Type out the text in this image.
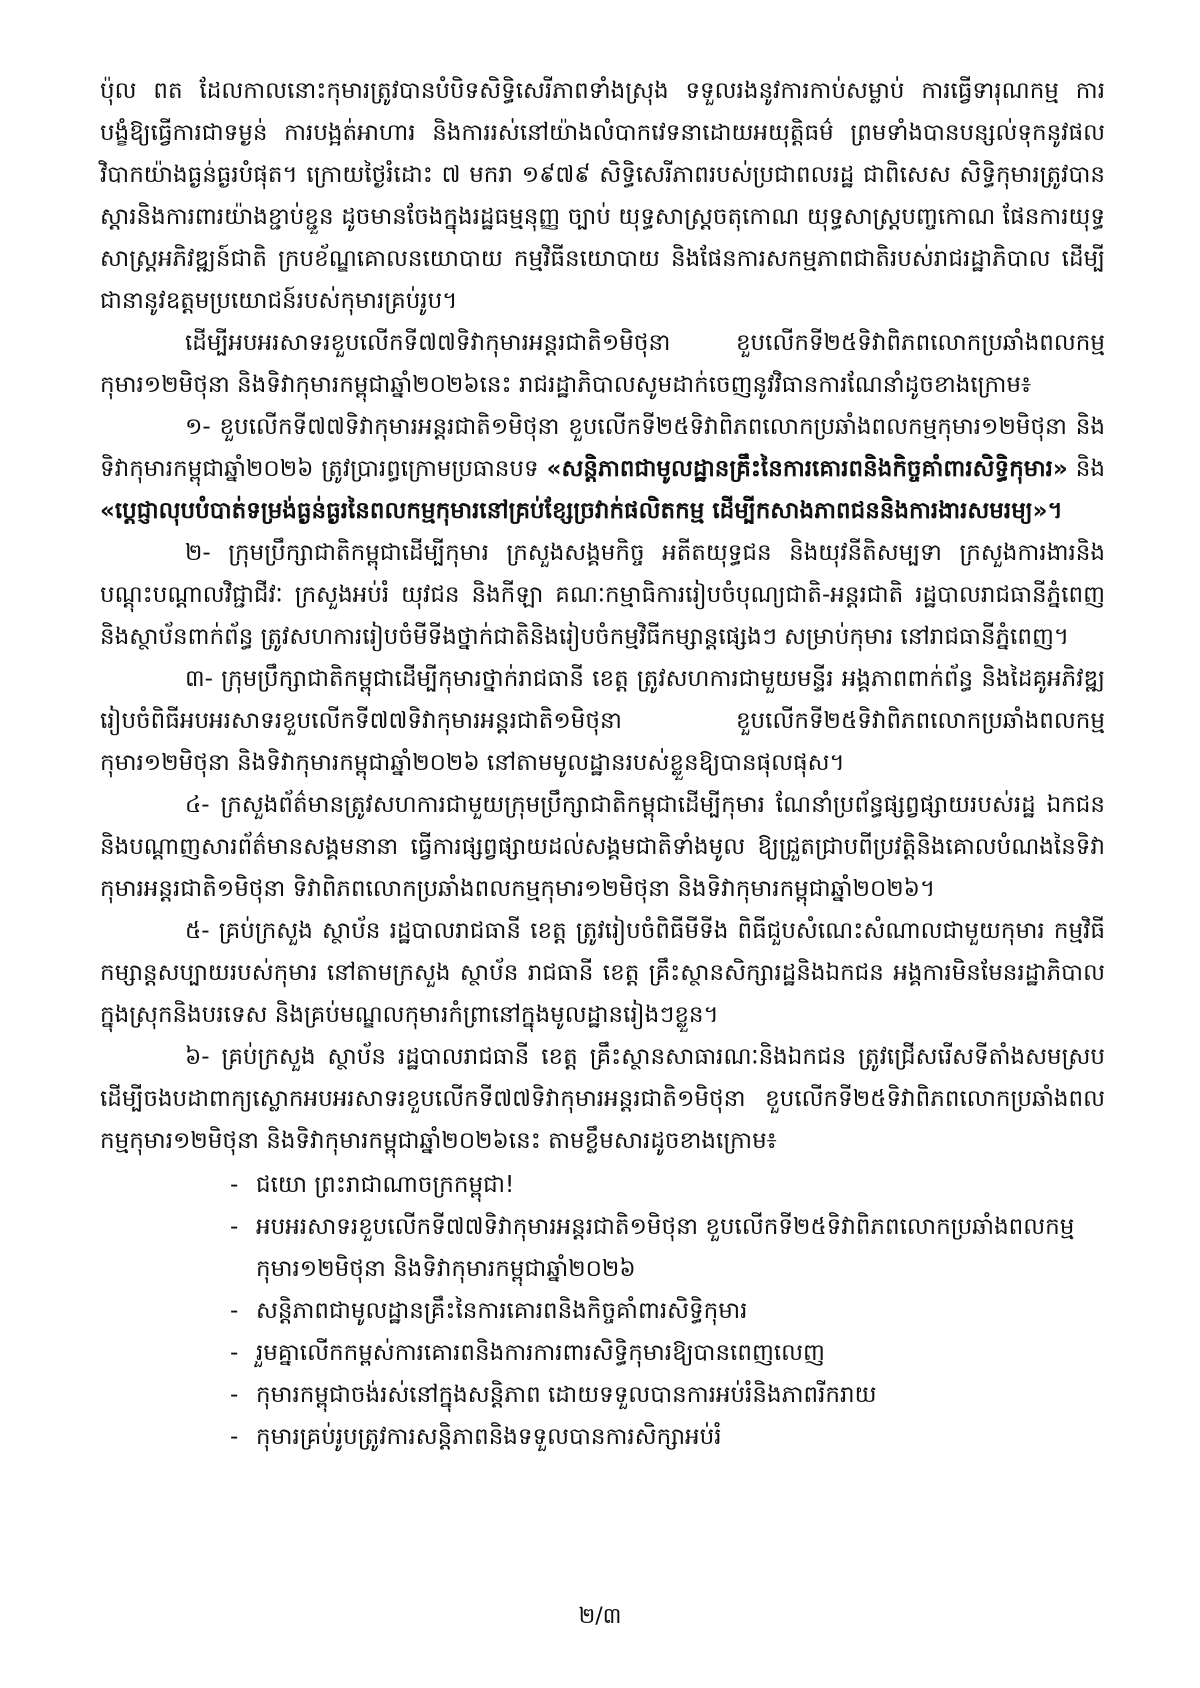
ប៉ុល ពត ដែលកាលនោះកុមារត្រូវបានបំបិទសិទ្ធិសេរីភាពទាំងស្រុង ទទួលរងនូវការកាប់សម្លាប់ ការធ្វើទារុណកម្ម ការបង្ខំឱ្យធ្វើការជាទម្ងន់ ការបង្អត់អាហារ និងការរស់នៅយ៉ាងលំបាកវេទនាដោយអយុត្តិធម៌ ព្រមទាំងបានបន្សល់ទុកនូវផលវិបាកយ៉ាងធ្ងន់ធ្ងរបំផុត។ ក្រោយថ្ងៃរំដោះ ៧ មករា ១៩៧៩ សិទ្ធិសេរីភាពរបស់ប្រជាពលរដ្ឋ ជាពិសេស សិទ្ធិកុមារត្រូវបានស្តារនិងការពារយ៉ាងខ្ជាប់ខ្ជួន ដូចមានចែងក្នុងរដ្ឋធម្មនុញ្ញ ច្បាប់ យុទ្ធសាស្ត្រចតុកោណ យុទ្ធសាស្ត្របញ្ចកោណ ផែនការយុទ្ធសាស្ត្រអភិវឌ្ឍន៍ជាតិ ក្របខ័ណ្ឌគោលនយោបាយ កម្មវិធីនយោបាយ និងផែនការសកម្មភាពជាតិរបស់រាជរដ្ឋាភិបាល ដើម្បីជានានូវឧត្តមប្រយោជន៍របស់កុមារគ្រប់រូប។

ដើម្បីអបអរសាទរខួបលើកទី៧៧ទិវាកុមារអន្តរជាតិ១មិថុនា ខួបលើកទី២៥ទិវាពិភពលោកប្រឆាំងពលកម្មកុមារ១២មិថុនា និងទិវាកុមារកម្ពុជាឆ្នាំ២០២៦នេះ រាជរដ្ឋាភិបាលសូមដាក់ចេញនូវវិធានការណែនាំដូចខាងក្រោម៖

១- ខួបលើកទី៧៧ទិវាកុមារអន្តរជាតិ១មិថុនា ខួបលើកទី២៥ទិវាពិភពលោកប្រឆាំងពលកម្មកុមារ១២មិថុនា និងទិវាកុមារកម្ពុជាឆ្នាំ២០២៦ ត្រូវប្រារព្ធក្រោមប្រធានបទ «សន្តិភាពជាមូលដ្ឋានគ្រឹះនៃការគោរពនិងកិច្ចគាំពារសិទ្ធិកុមារ» និង «ប្តេជ្ញាលុបបំបាត់ទម្រង់ធ្ងន់ធ្ងរនៃពលកម្មកុមារនៅគ្រប់ខ្សែច្រវាក់ផលិតកម្ម ដើម្បីកសាងភាពជននិងការងារសមរម្យ»។

២- ក្រុមប្រឹក្សាជាតិកម្ពុជាដើម្បីកុមារ ក្រសួងសង្គមកិច្ច អតីតយុទ្ធជន និងយុវនីតិសម្បទា ក្រសួងការងារនិងបណ្តុះបណ្តាលវិជ្ជាជីវៈ ក្រសួងអប់រំ យុវជន និងកីឡា គណៈកម្មាធិការរៀបចំបុណ្យជាតិ-អន្តរជាតិ រដ្ឋបាលរាជធានីភ្នំពេញ និងស្ថាប័នពាក់ព័ន្ធ ត្រូវសហការរៀបចំមីទីងថ្នាក់ជាតិនិងរៀបចំកម្មវិធីកម្សាន្តផ្សេងៗ សម្រាប់កុមារ នៅរាជធានីភ្នំពេញ។

៣- ក្រុមប្រឹក្សាជាតិកម្ពុជាដើម្បីកុមារថ្នាក់រាជធានី ខេត្ត ត្រូវសហការជាមួយមន្ទីរ អង្គភាពពាក់ព័ន្ធ និងដៃគូអភិវឌ្ឍ រៀបចំពិធីអបអរសាទរខួបលើកទី៧៧ទិវាកុមារអន្តរជាតិ១មិថុនា ខួបលើកទី២៥ទិវាពិភពលោកប្រឆាំងពលកម្មកុមារ១២មិថុនា និងទិវាកុមារកម្ពុជាឆ្នាំ២០២៦ នៅតាមមូលដ្ឋានរបស់ខ្លួនឱ្យបានផុលផុស។

៤- ក្រសួងព័ត៌មានត្រូវសហការជាមួយក្រុមប្រឹក្សាជាតិកម្ពុជាដើម្បីកុមារ ណែនាំប្រព័ន្ធផ្សព្វផ្សាយរបស់រដ្ឋ ឯកជន និងបណ្តាញសារព័ត៌មានសង្គមនានា ធ្វើការផ្សព្វផ្សាយដល់សង្គមជាតិទាំងមូល ឱ្យជ្រួតជ្រាបពីប្រវត្តិនិងគោលបំណងនៃទិវាកុមារអន្តរជាតិ១មិថុនា ទិវាពិភពលោកប្រឆាំងពលកម្មកុមារ១២មិថុនា និងទិវាកុមារកម្ពុជាឆ្នាំ២០២៦។

៥- គ្រប់ក្រសួង ស្ថាប័ន រដ្ឋបាលរាជធានី ខេត្ត ត្រូវរៀបចំពិធីមីទីង ពិធីជួបសំណេះសំណាលជាមួយកុមារ កម្មវិធីកម្សាន្តសប្បាយរបស់កុមារ នៅតាមក្រសួង ស្ថាប័ន រាជធានី ខេត្ត គ្រឹះស្ថានសិក្សារដ្ឋនិងឯកជន អង្គការមិនមែនរដ្ឋាភិបាលក្នុងស្រុកនិងបរទេស និងគ្រប់មណ្ឌលកុមារកំព្រានៅក្នុងមូលដ្ឋានរៀងៗខ្លួន។

៦- គ្រប់ក្រសួង ស្ថាប័ន រដ្ឋបាលរាជធានី ខេត្ត គ្រឹះស្ថានសាធារណៈនិងឯកជន ត្រូវជ្រើសរើសទីតាំងសមស្របដើម្បីចងបដាពាក្យស្លោកអបអរសាទរខួបលើកទី៧៧ទិវាកុមារអន្តរជាតិ១មិថុនា ខួបលើកទី២៥ទិវាពិភពលោកប្រឆាំងពលកម្មកុមារ១២មិថុនា និងទិវាកុមារកម្ពុជាឆ្នាំ២០២៦នេះ តាមខ្លឹមសារដូចខាងក្រោម៖

- ជយោ ព្រះរាជាណាចក្រកម្ពុជា!
- អបអរសាទរខួបលើកទី៧៧ទិវាកុមារអន្តរជាតិ១មិថុនា ខួបលើកទី២៥ទិវាពិភពលោកប្រឆាំងពលកម្មកុមារ១២មិថុនា និងទិវាកុមារកម្ពុជាឆ្នាំ២០២៦
- សន្តិភាពជាមូលដ្ឋានគ្រឹះនៃការគោរពនិងកិច្ចគាំពារសិទ្ធិកុមារ
- រួមគ្នាលើកកម្ពស់ការគោរពនិងការការពារសិទ្ធិកុមារឱ្យបានពេញលេញ
- កុមារកម្ពុជាចង់រស់នៅក្នុងសន្តិភាព ដោយទទួលបានការអប់រំនិងភាពរីករាយ
- កុមារគ្រប់រូបត្រូវការសន្តិភាពនិងទទួលបានការសិក្សាអប់រំ
២/៣
